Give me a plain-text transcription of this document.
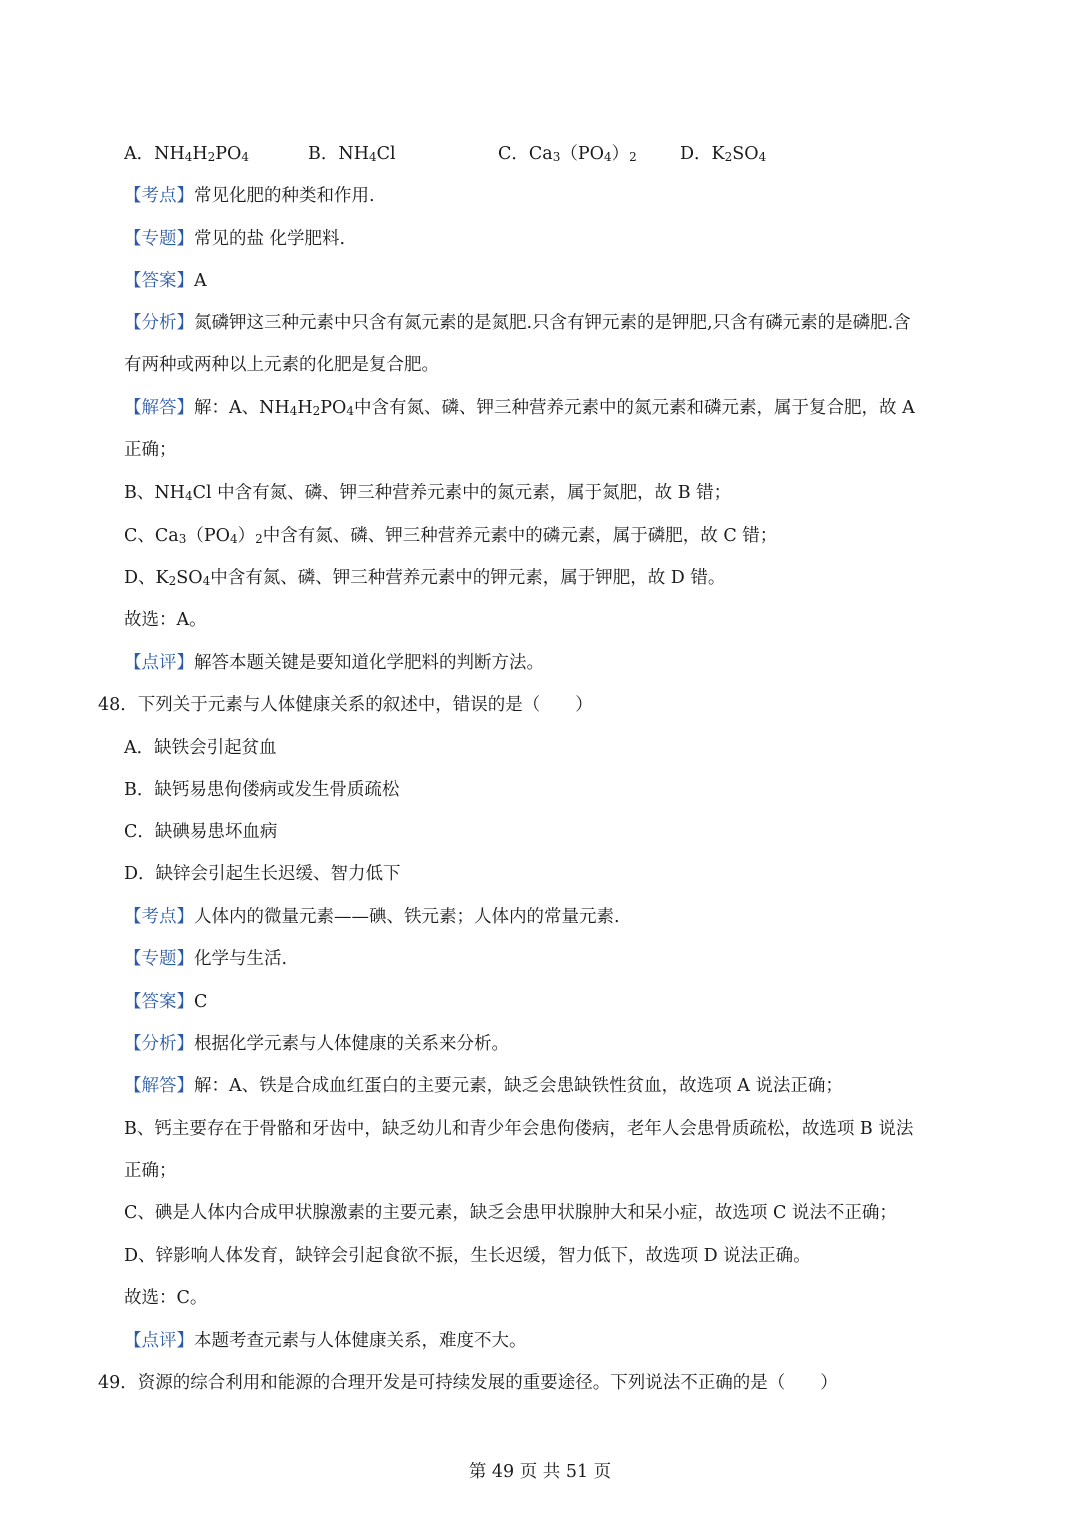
A．$NH_4H_2PO_4$	B．$NH_4Cl$	C．$Ca_3(PO_4)_2$ D．$K_2SO_4$
【考点】常见化肥的种类和作用.
【专题】常见的盐 化学肥料.
【答案】A
【分析】氮磷钾这三种元素中只含有氮元素的是氮肥.只含有钾元素的是钾肥,只含有磷元素的是磷肥.含
有两种或两种以上元素的化肥是复合肥。
【解答】解：A、$NH_4H_2PO_4$中含有氮、磷、钾三种营养元素中的氮元素和磷元素，属于复合肥，故 A
正确；
B、$NH_4Cl$ 中含有氮、磷、钾三种营养元素中的氮元素，属于氮肥，故 B 错；
C、$Ca_3(PO_4)_2$中含有氮、磷、钾三种营养元素中的磷元素，属于磷肥，故 C 错；
D、$K_2SO_4$中含有氮、磷、钾三种营养元素中的钾元素，属于钾肥，故 D 错。
故选：A。
【点评】解答本题关键是要知道化学肥料的判断方法。
48．下列关于元素与人体健康关系的叙述中，错误的是（　　）
A．缺铁会引起贫血
B．缺钙易患佝偻病或发生骨质疏松
C．缺碘易患坏血病
D．缺锌会引起生长迟缓、智力低下
【考点】人体内的微量元素——碘、铁元素；人体内的常量元素.
【专题】化学与生活.
【答案】C
【分析】根据化学元素与人体健康的关系来分析。
【解答】解：A、铁是合成血红蛋白的主要元素，缺乏会患缺铁性贫血，故选项 A 说法正确；
B、钙主要存在于骨骼和牙齿中，缺乏幼儿和青少年会患佝偻病，老年人会患骨质疏松，故选项 B 说法
正确；
C、碘是人体内合成甲状腺激素的主要元素，缺乏会患甲状腺肿大和呆小症，故选项 C 说法不正确；
D、锌影响人体发育，缺锌会引起食欲不振，生长迟缓，智力低下，故选项 D 说法正确。
故选：C。
【点评】本题考查元素与人体健康关系，难度不大。
49．资源的综合利用和能源的合理开发是可持续发展的重要途径。下列说法不正确的是（　　）
第 49 页 共 51 页
